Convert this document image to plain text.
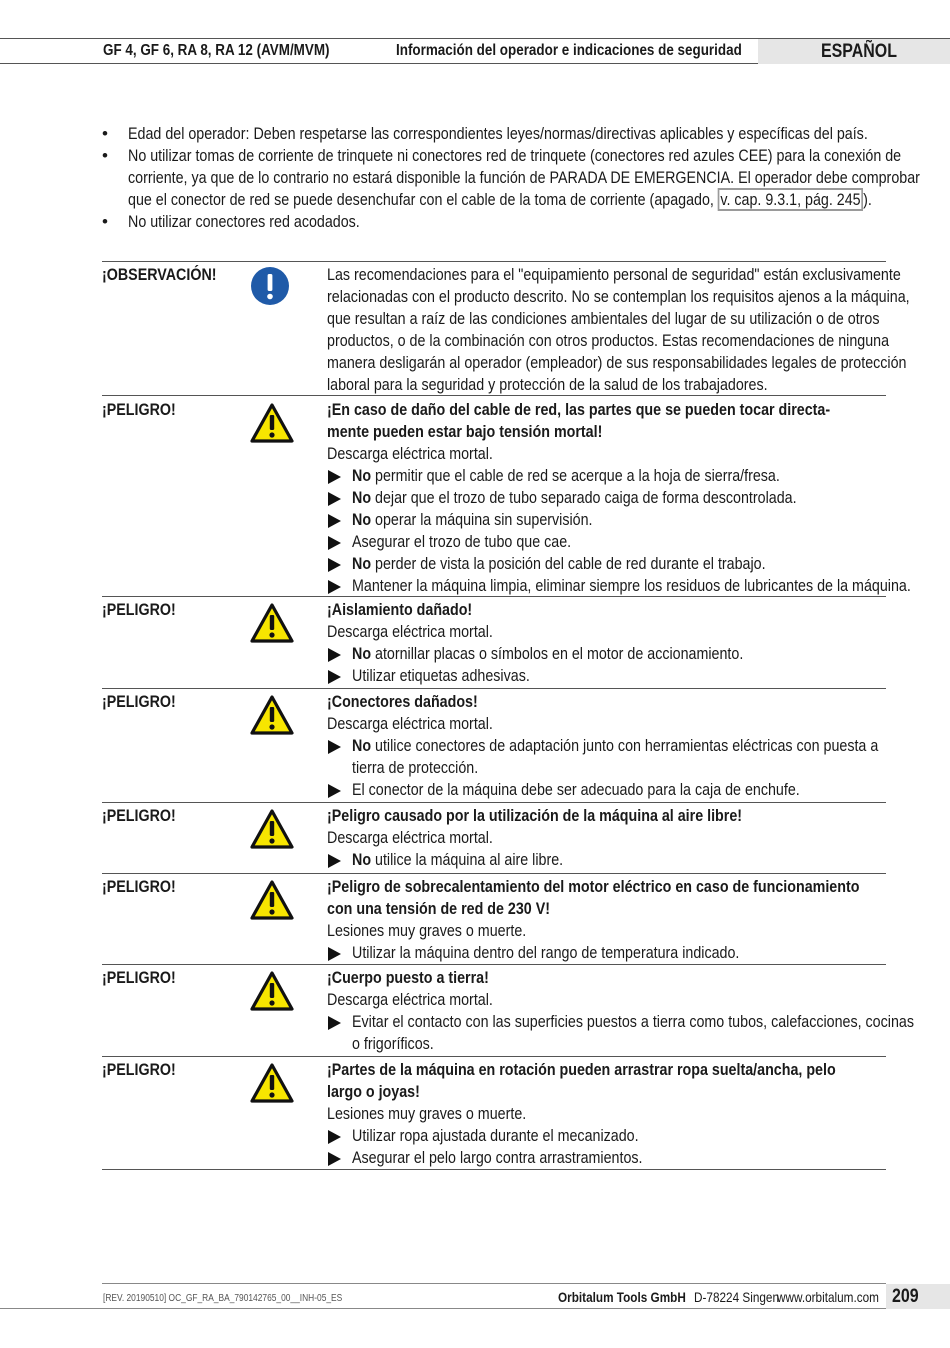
GF 4, GF 6, RA 8, RA 12 (AVM/MVM)	Información del operador e indicaciones de seguridad	ESPAÑOL
• Edad del operador: Deben respetarse las correspondientes leyes/normas/directivas aplicables y específicas del país.
• No utilizar tomas de corriente de trinquete ni conectores red de trinquete (conectores red azules CEE) para la conexión de
corriente, ya que de lo contrario no estará disponible la función de PARADA DE EMERGENCIA. El operador debe comprobar
que el conector de red se puede desenchufar con el cable de la toma de corriente (apagado, v. cap. 9.3.1, pág. 245 ).
• No utilizar conectores red acodados.
¡OBSERVACIÓN!	Las recomendaciones para el "equipamiento personal de seguridad" están exclusivamente
relacionadas con el producto descrito. No se contemplan los requisitos ajenos a la máquina,
que resultan a raíz de las condiciones ambientales del lugar de su utilización o de otros
productos, o de la combinación con otros productos. Estas recomendaciones de ninguna
manera desligarán al operador (empleador) de sus responsabilidades legales de protección
laboral para la seguridad y protección de la salud de los trabajadores.
¡PELIGRO!	¡En caso de daño del cable de red, las partes que se pueden tocar directa-
mente pueden estar bajo tensión mortal!
Descarga eléctrica mortal.
No permitir que el cable de red se acerque a la hoja de sierra/fresa.
No dejar que el trozo de tubo separado caiga de forma descontrolada.
No operar la máquina sin supervisión.
Asegurar el trozo de tubo que cae.
No perder de vista la posición del cable de red durante el trabajo.
Mantener la máquina limpia, eliminar siempre los residuos de lubricantes de la máquina.
¡PELIGRO!	¡Aislamiento dañado!
Descarga eléctrica mortal.
No atornillar placas o símbolos en el motor de accionamiento.
Utilizar etiquetas adhesivas.
¡PELIGRO!	¡Conectores dañados!
Descarga eléctrica mortal.
No utilice conectores de adaptación junto con herramientas eléctricas con puesta a
tierra de protección.
El conector de la máquina debe ser adecuado para la caja de enchufe.
¡PELIGRO!	¡Peligro causado por la utilización de la máquina al aire libre!
Descarga eléctrica mortal.
No utilice la máquina al aire libre.
¡PELIGRO!	¡Peligro de sobrecalentamiento del motor eléctrico en caso de funcionamiento
con una tensión de red de 230 V!
Lesiones muy graves o muerte.
Utilizar la máquina dentro del rango de temperatura indicado.
¡PELIGRO!	¡Cuerpo puesto a tierra!
Descarga eléctrica mortal.
Evitar el contacto con las superficies puestos a tierra como tubos, calefacciones, cocinas
o frigoríficos.
¡PELIGRO!	¡Partes de la máquina en rotación pueden arrastrar ropa suelta/ancha, pelo
largo o joyas!
Lesiones muy graves o muerte.
Utilizar ropa ajustada durante el mecanizado.
Asegurar el pelo largo contra arrastramientos.
[REV. 20190510] OC_GF_RA_BA_790142765_00__INH-05_ES	Orbitalum Tools GmbH D-78224 Singen
www.orbitalum.com 209
